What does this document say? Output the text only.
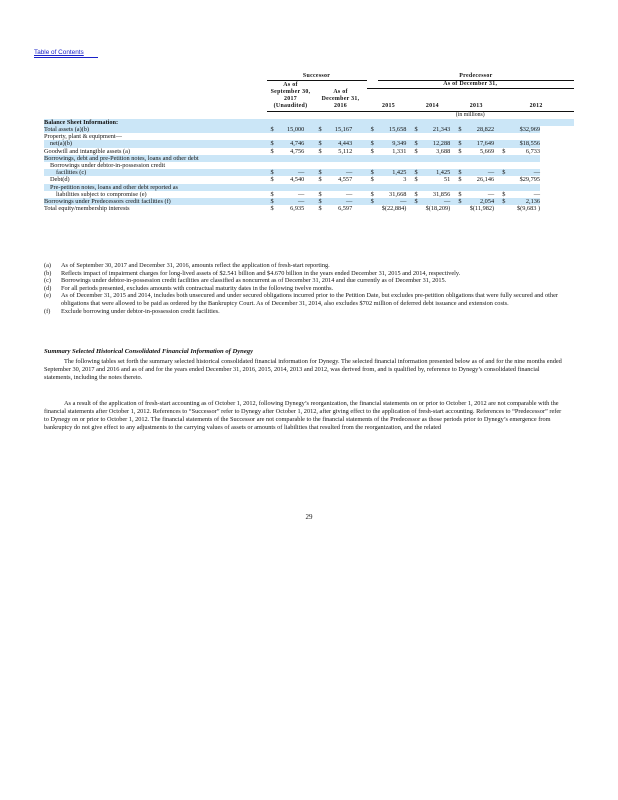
Table of Contents
	Successor							Predecessor									
	As of						As of December 31,										
	September 30,			As of													
	2017			December 31,													
	(Unaudited)			2016			2015			2014			2013			2012	
							(in millions)										
Balance Sheet Information:																	
Total assets (a)(b)	$	15,000		$	15,167		$	15,658		$	21,343		$	28,822			$32,969
Property, plant & equipment—																	
net(a)(b)	$	4,746		$	4,443		$	9,349		$	12,288		$	17,649			$18,556
Goodwill and intangible assets (a)	$	4,756		$	5,112		$	1,331		$	3,688		$	5,669		$	6,733
Borrowings, debt and pre-Petition notes, loans and other debt																	
Borrowings under debtor-in-possession credit																	
facilities (c)	$	—		$	—		$	1,425		$	1,425		$	—		$	—
Debt(d)	$	4,540		$	4,557		$	3		$	51		$	26,146			$29,795
Pre-petition notes, loans and other debt reported as																	
liabilities subject to compromise (e)	$	—		$	—		$	31,668		$	31,856		$	—		$	—
Borrowings under Predecessors credit facilities (f)	$	—		$	—		$	—		$	—		$	2,054		$	2,136
Total equity/membership interests	$	6,935		$	6,597			$(22,884)			$(18,209)			$(11,982)			$(9,683 )
(a)	As of September 30, 2017 and December 31, 2016, amounts reflect the application of fresh-start reporting.
(b)	Reflects impact of impairment charges for long-lived assets of $2.541 billion and $4.670 billion in the years ended December 31, 2015 and 2014, respectively.
(c)	Borrowings under debtor-in-possession credit facilities are classified as noncurrent as of December 31, 2014 and due currently as of December 31, 2015.
(d)	For all periods presented, excludes amounts with contractual maturity dates in the following twelve months.
(e)	As of December 31, 2015 and 2014, includes both unsecured and under secured obligations incurred prior to the Petition Date, but excludes pre-petition obligations that were fully secured and other obligations that were allowed to be paid as ordered by the Bankruptcy Court. As of December 31, 2014, also excludes $702 million of deferred debt issuance and extension costs.
(f)	Exclude borrowing under debtor-in-possession credit facilities.
Summary Selected Historical Consolidated Financial Information of Dynegy
The following tables set forth the summary selected historical consolidated financial information for Dynegy. The selected financial information presented below as of and for the nine months ended September 30, 2017 and 2016 and as of and for the years ended December 31, 2016, 2015, 2014, 2013 and 2012, was derived from, and is qualified by, reference to Dynegy’s consolidated financial statements, including the notes thereto.
As a result of the application of fresh-start accounting as of October 1, 2012, following Dynegy’s reorganization, the financial statements on or prior to October 1, 2012 are not comparable with the financial statements after October 1, 2012. References to “Successor” refer to Dynegy after October 1, 2012, after giving effect to the application of fresh-start accounting. References to “Predecessor” refer to Dynegy on or prior to October 1, 2012. The financial statements of the Successor are not comparable to the financial statements of the Predecessor as those periods prior to Dynegy’s emergence from bankruptcy do not give effect to any adjustments to the carrying values of assets or amounts of liabilities that resulted from the reorganization, and the related
29
